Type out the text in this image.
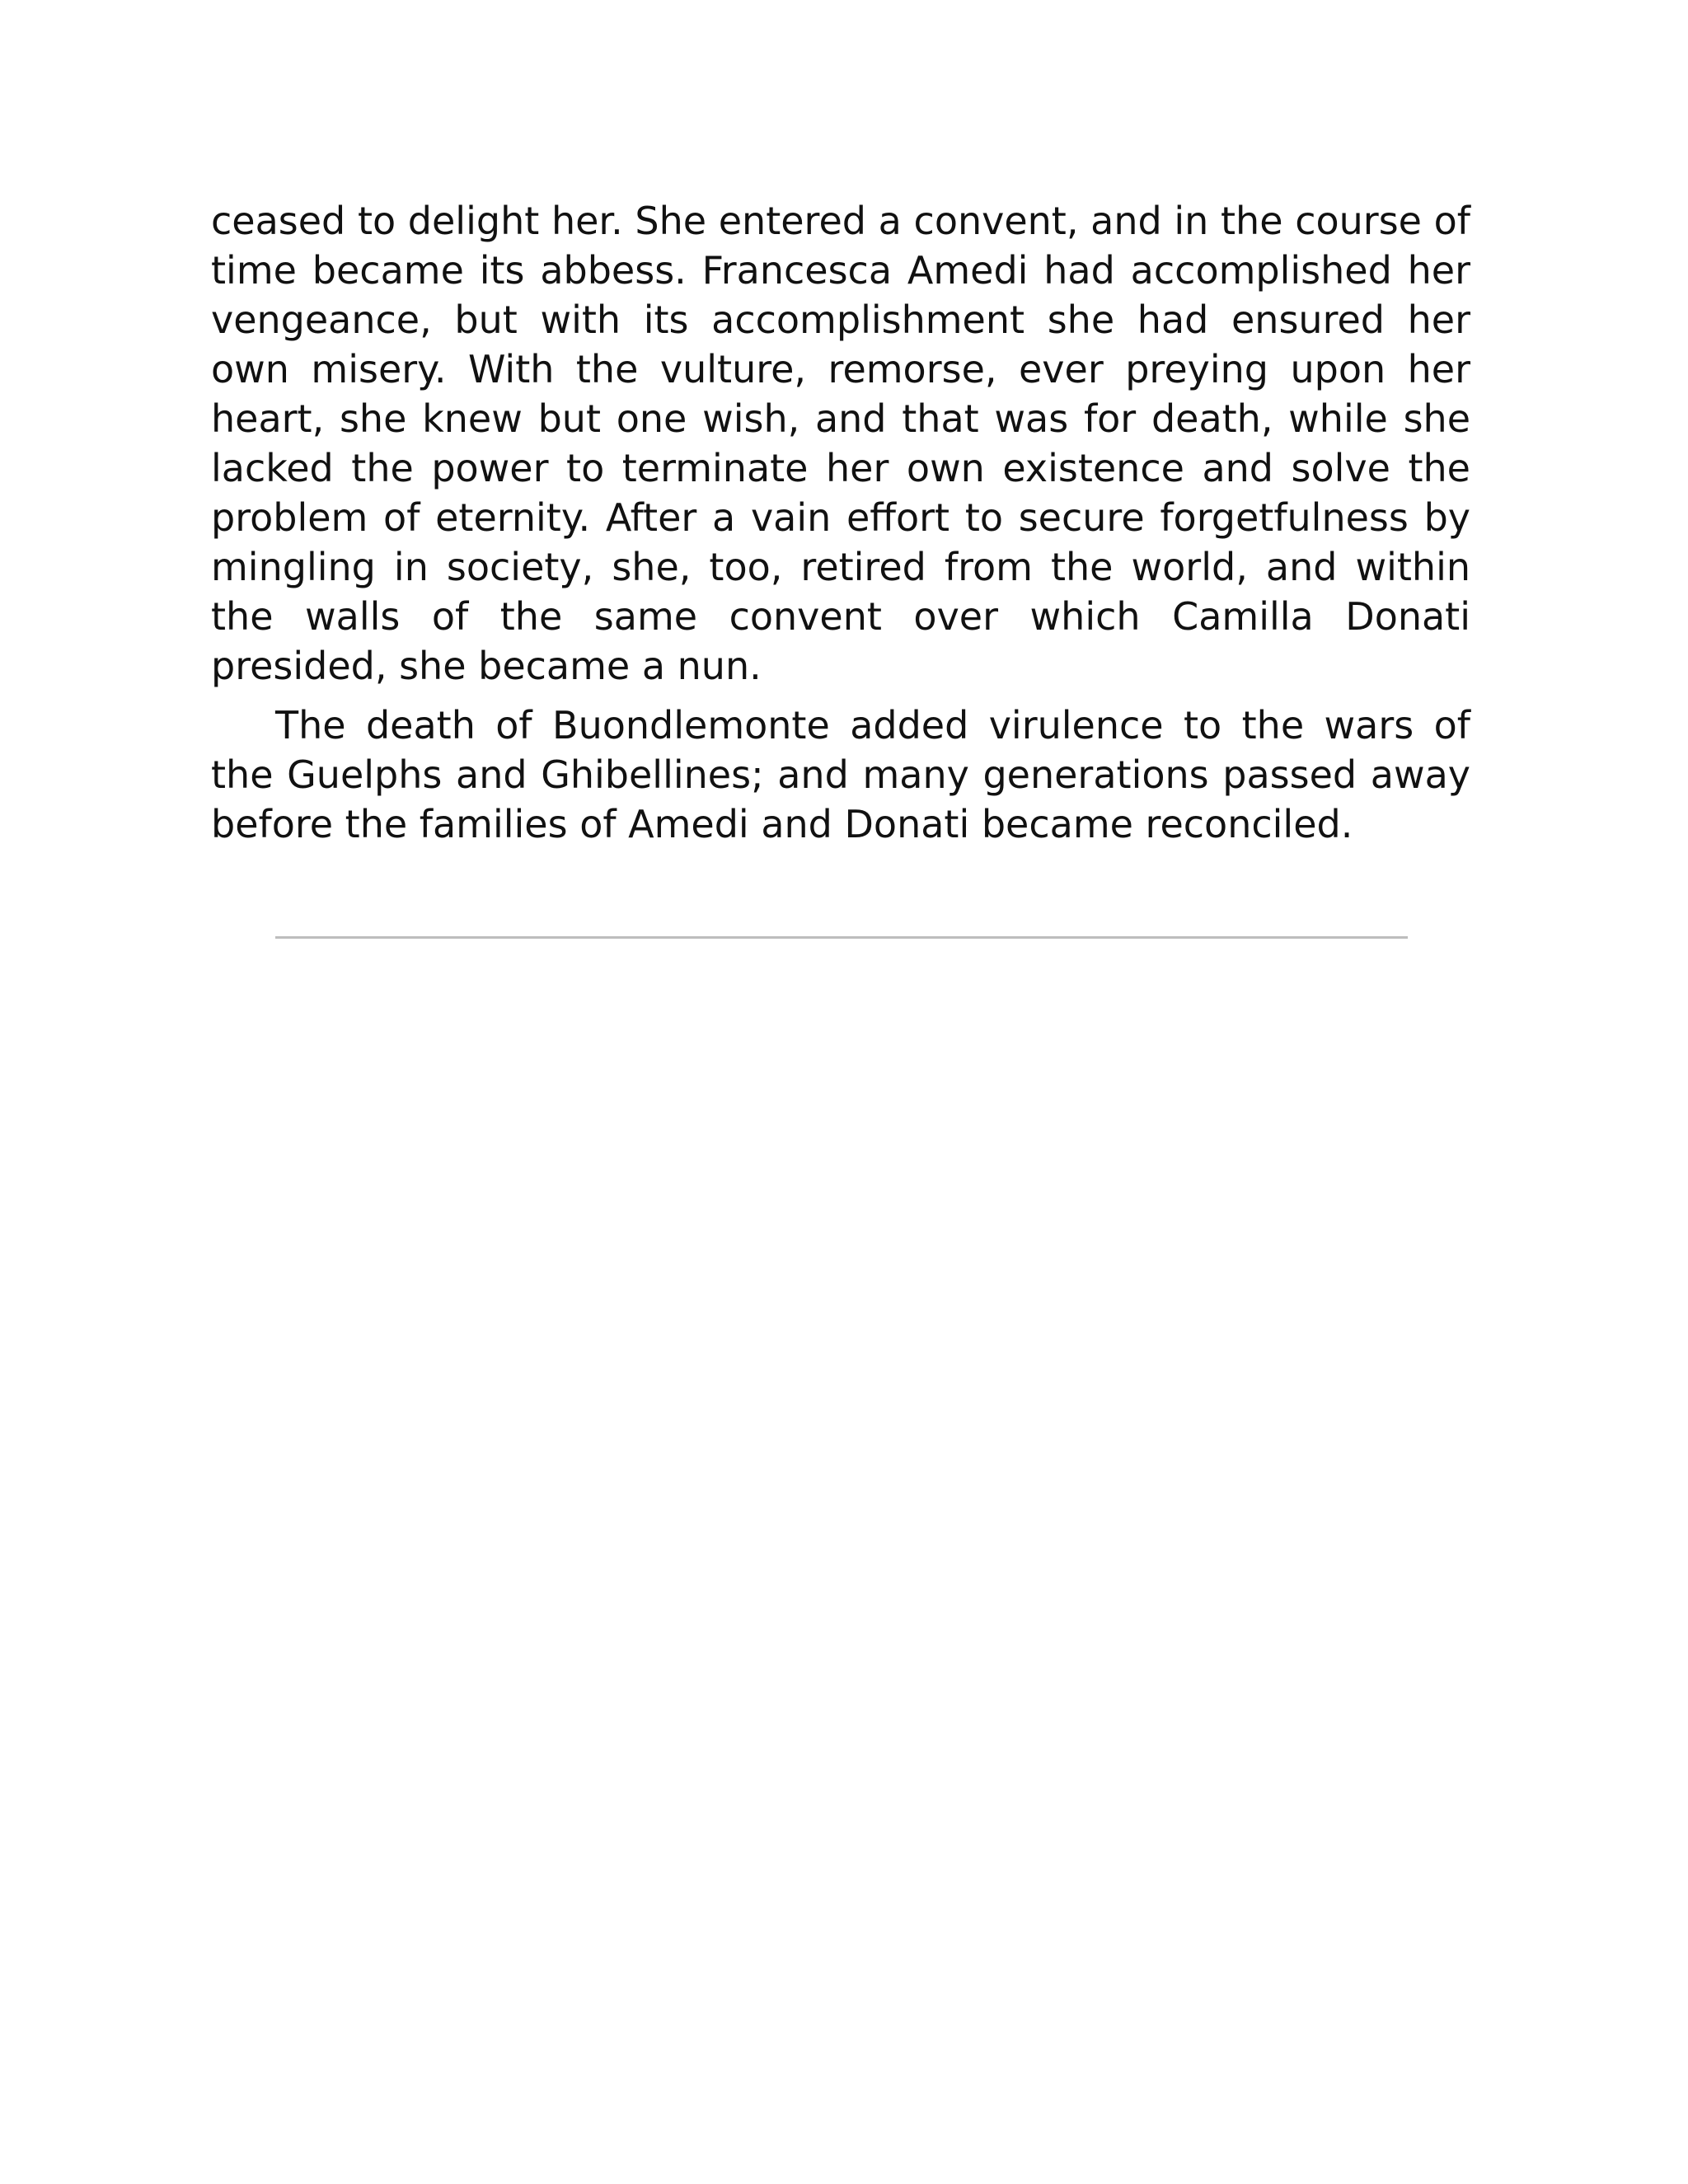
ceased to delight her. She entered a convent, and in the course of time became its abbess. Francesca Amedi had accomplished her vengeance, but with its accomplishment she had ensured her own misery. With the vulture, remorse, ever preying upon her heart, she knew but one wish, and that was for death, while she lacked the power to terminate her own existence and solve the problem of eternity. After a vain effort to secure forgetfulness by mingling in society, she, too, retired from the world, and within the walls of the same convent over which Camilla Donati presided, she became a nun.

The death of Buondlemonte added virulence to the wars of the Guelphs and Ghibellines; and many generations passed away before the families of Amedi and Donati became reconciled.
